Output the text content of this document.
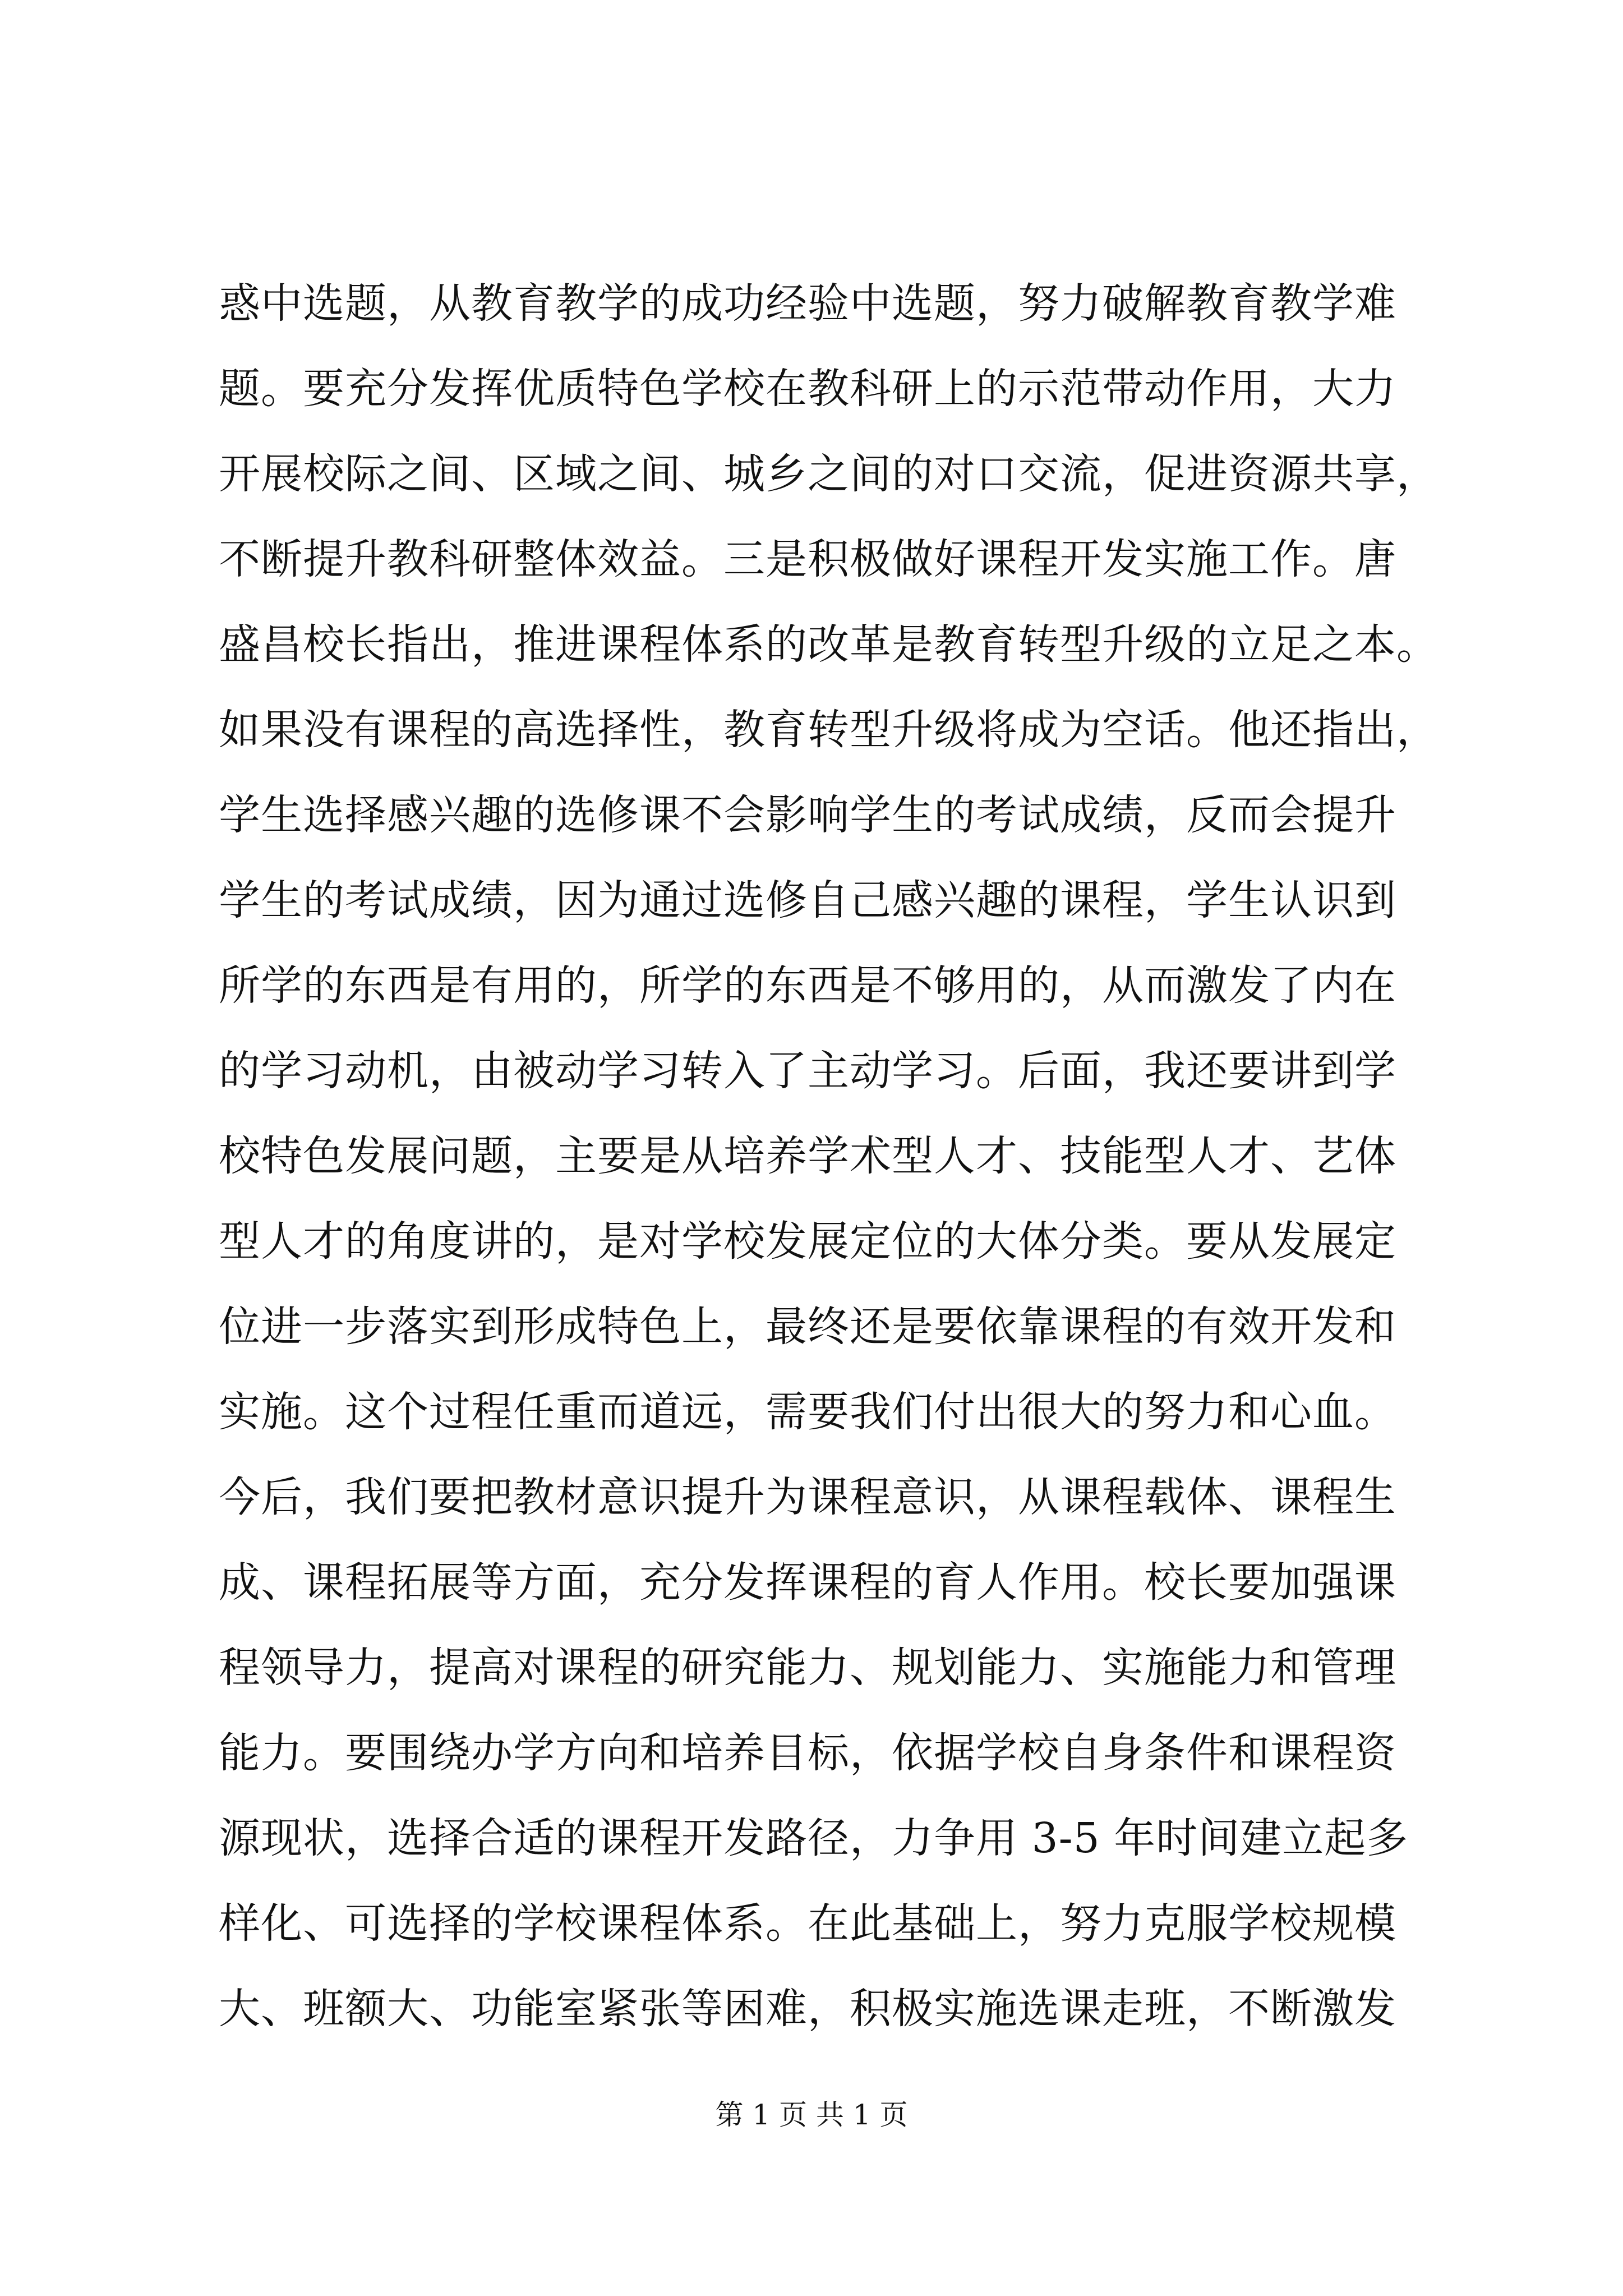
惑中选题，从教育教学的成功经验中选题，努力破解教育教学难
题。要充分发挥优质特色学校在教科研上的示范带动作用，大力
开展校际之间、区域之间、城乡之间的对口交流，促进资源共享，
不断提升教科研整体效益。三是积极做好课程开发实施工作。唐
盛昌校长指出，推进课程体系的改革是教育转型升级的立足之本。
如果没有课程的高选择性，教育转型升级将成为空话。他还指出，
学生选择感兴趣的选修课不会影响学生的考试成绩，反而会提升
学生的考试成绩，因为通过选修自己感兴趣的课程，学生认识到
所学的东西是有用的，所学的东西是不够用的，从而激发了内在
的学习动机，由被动学习转入了主动学习。后面，我还要讲到学
校特色发展问题，主要是从培养学术型人才、技能型人才、艺体
型人才的角度讲的，是对学校发展定位的大体分类。要从发展定
位进一步落实到形成特色上，最终还是要依靠课程的有效开发和
实施。这个过程任重而道远，需要我们付出很大的努力和心血。
今后，我们要把教材意识提升为课程意识，从课程载体、课程生
成、课程拓展等方面，充分发挥课程的育人作用。校长要加强课
程领导力，提高对课程的研究能力、规划能力、实施能力和管理
能力。要围绕办学方向和培养目标，依据学校自身条件和课程资
源现状，选择合适的课程开发路径，力争用 3-5 年时间建立起多
样化、可选择的学校课程体系。在此基础上，努力克服学校规模
大、班额大、功能室紧张等困难，积极实施选课走班，不断激发
第 1 页 共 1 页
